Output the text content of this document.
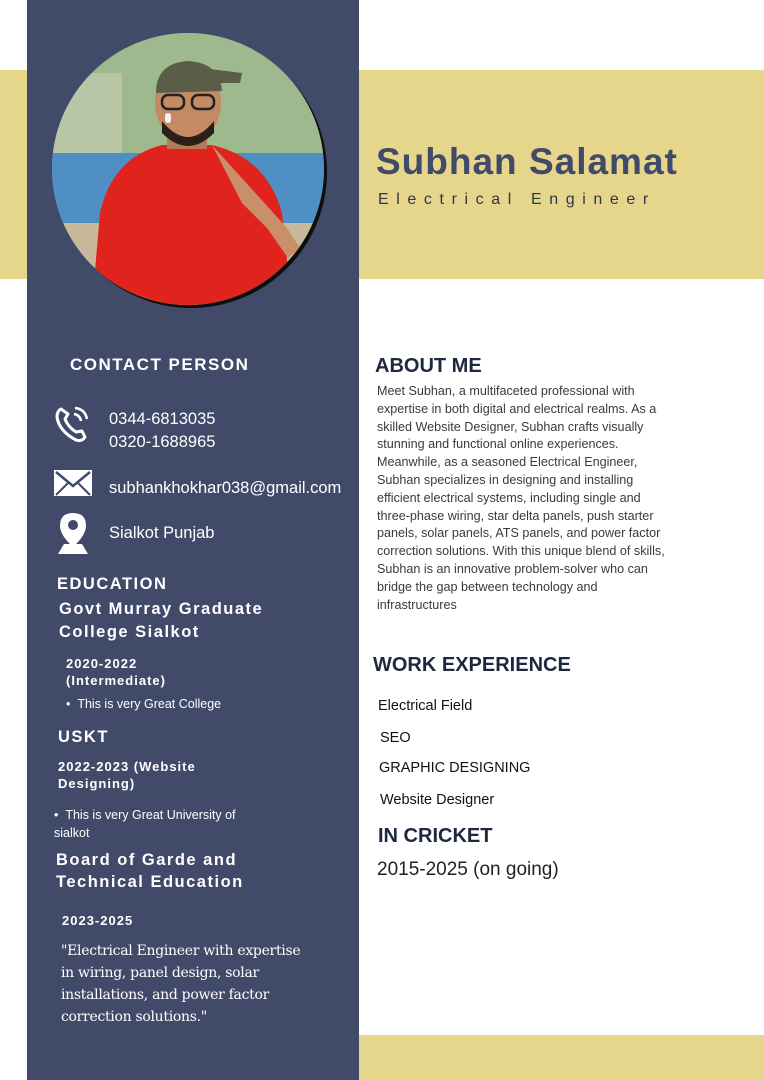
Subhan Salamat
Electrical Engineer
CONTACT PERSON
0344-6813035
0320-1688965
subhankhokhar038@gmail.com
Sialkot Punjab
EDUCATION
Govt Murray Graduate
College Sialkot
2020-2022
(Intermediate)
•  This is very Great College
USKT
2022-2023 (Website
Designing)
•  This is very Great University of
sialkot
Board of Garde and
Technical Education
2023-2025
"Electrical Engineer with expertise
in wiring, panel design, solar
installations, and power factor
correction solutions."
ABOUT ME

Meet Subhan, a multifaceted professional with expertise in both digital and electrical realms. As a skilled Website Designer, Subhan crafts visually stunning and functional online experiences. Meanwhile, as a seasoned Electrical Engineer, Subhan specializes in designing and installing efficient electrical systems, including single and three-phase wiring, star delta panels, push starter panels, solar panels, ATS panels, and power factor correction solutions. With this unique blend of skills, Subhan is an innovative problem-solver who can bridge the gap between technology and infrastructures

WORK EXPERIENCE
Electrical Field
SEO
GRAPHIC DESIGNING
Website Designer
IN CRICKET
2015-2025 (on going)
